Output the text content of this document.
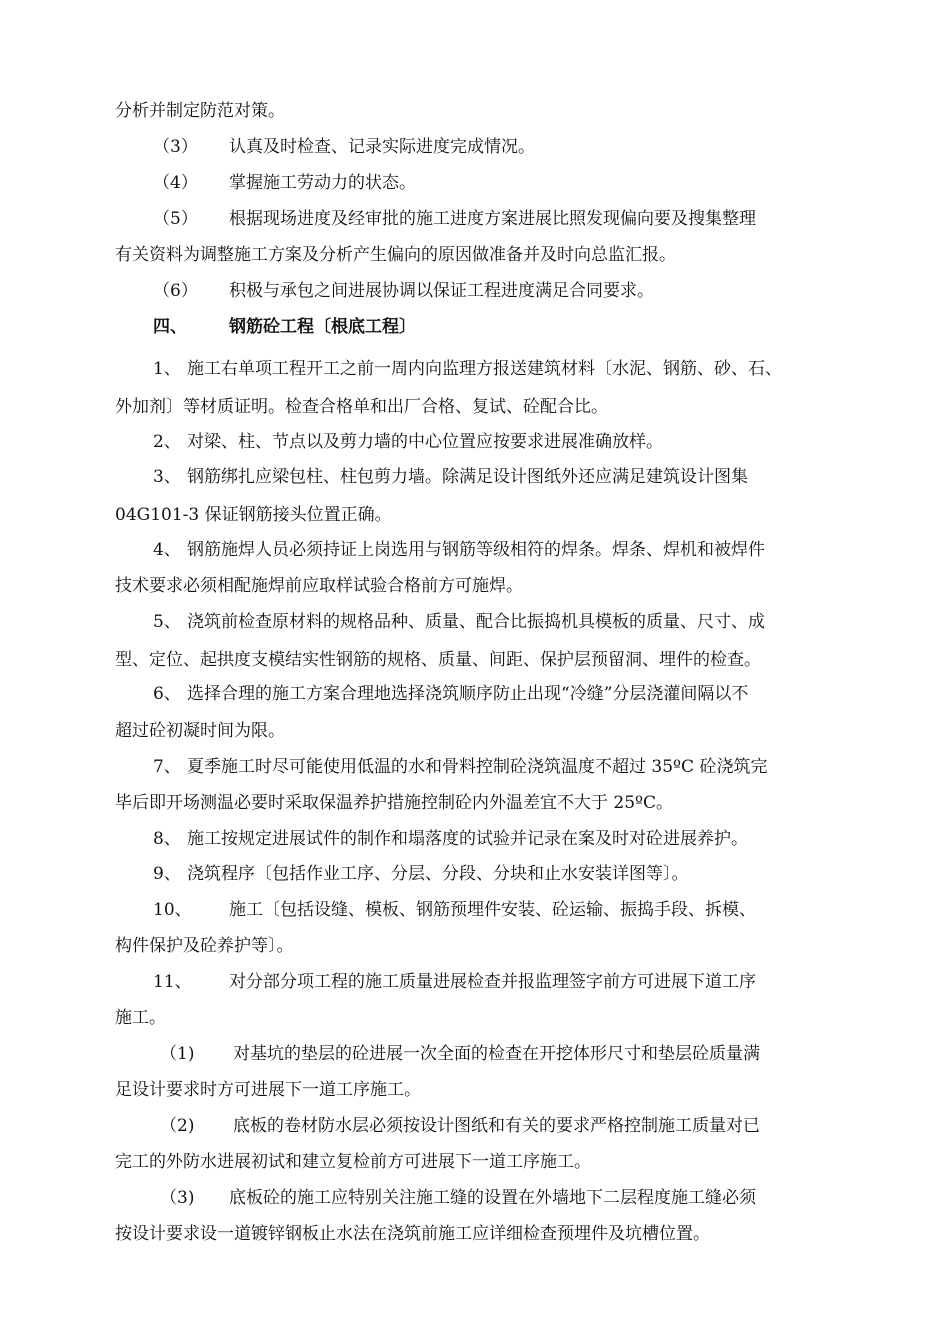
分析并制定防范对策。
（3） 认真及时检查、记录实际进度完成情况。
（4） 掌握施工劳动力的状态。
（5） 根据现场进度及经审批的施工进度方案进展比照发现偏向要及搜集整理
有关资料为调整施工方案及分析产生偏向的原因做准备并及时向总监汇报。
（6） 积极与承包之间进展协调以保证工程进度满足合同要求。
四、 钢筋砼工程〔根底工程〕
1、 施工右单项工程开工之前一周内向监理方报送建筑材料〔水泥、钢筋、砂、石、
外加剂〕等材质证明。检查合格单和出厂合格、复试、砼配合比。
2、 对梁、柱、节点以及剪力墙的中心位置应按要求进展准确放样。
3、 钢筋绑扎应梁包柱、柱包剪力墙。除满足设计图纸外还应满足建筑设计图集
04G101-3 保证钢筋接头位置正确。
4、 钢筋施焊人员必须持证上岗选用与钢筋等级相符的焊条。焊条、焊机和被焊件
技术要求必须相配施焊前应取样试验合格前方可施焊。
5、 浇筑前检查原材料的规格品种、质量、配合比振捣机具模板的质量、尺寸、成
型、定位、起拱度支模结实性钢筋的规格、质量、间距、保护层预留洞、埋件的检查。
6、 选择合理的施工方案合理地选择浇筑顺序防止出现“冷缝”分层浇灌间隔以不
超过砼初凝时间为限。
7、 夏季施工时尽可能使用低温的水和骨料控制砼浇筑温度不超过 35ºC 砼浇筑完
毕后即开场测温必要时采取保温养护措施控制砼内外温差宜不大于 25ºC。
8、 施工按规定进展试件的制作和塌落度的试验并记录在案及时对砼进展养护。
9、 浇筑程序〔包括作业工序、分层、分段、分块和止水安装详图等〕。
10、 施工〔包括设缝、模板、钢筋预埋件安装、砼运输、振捣手段、拆模、
构件保护及砼养护等〕。
11、 对分部分项工程的施工质量进展检查并报监理签字前方可进展下道工序
施工。
（1) 对基坑的垫层的砼进展一次全面的检查在开挖体形尺寸和垫层砼质量满
足设计要求时方可进展下一道工序施工。
（2) 底板的卷材防水层必须按设计图纸和有关的要求严格控制施工质量对已
完工的外防水进展初试和建立复检前方可进展下一道工序施工。
（3) 底板砼的施工应特别关注施工缝的设置在外墙地下二层程度施工缝必须
按设计要求设一道镀锌钢板止水法在浇筑前施工应详细检查预埋件及坑槽位置。
